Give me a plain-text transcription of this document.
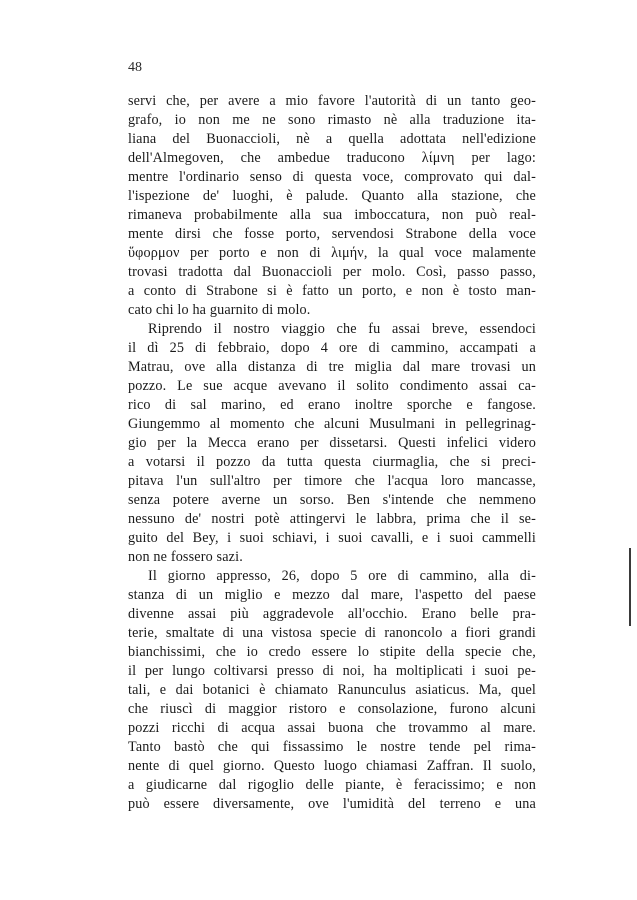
48
servi che, per avere a mio favore l'autorità di un tanto geo-
grafo, io non me ne sono rimasto nè alla traduzione ita-
liana del Buonaccioli, nè a quella adottata nell'edizione
dell'Almegoven, che ambedue traducono λίμνη per lago:
mentre l'ordinario senso di questa voce, comprovato qui dal-
l'ispezione de' luoghi, è palude. Quanto alla stazione, che
rimaneva probabilmente alla sua imboccatura, non può real-
mente dirsi che fosse porto, servendosi Strabone della voce
ὕφορμον per porto e non di λιμήν, la qual voce malamente
trovasi tradotta dal Buonaccioli per molo. Così, passo passo,
a conto di Strabone si è fatto un porto, e non è tosto man-
cato chi lo ha guarnito di molo.
Riprendo il nostro viaggio che fu assai breve, essendoci
il dì 25 di febbraio, dopo 4 ore di cammino, accampati a
Matrau, ove alla distanza di tre miglia dal mare trovasi un
pozzo. Le sue acque avevano il solito condimento assai ca-
rico di sal marino, ed erano inoltre sporche e fangose.
Giungemmo al momento che alcuni Musulmani in pellegrinag-
gio per la Mecca erano per dissetarsi. Questi infelici videro
a votarsi il pozzo da tutta questa ciurmaglia, che si preci-
pitava l'un sull'altro per timore che l'acqua loro mancasse,
senza potere averne un sorso. Ben s'intende che nemmeno
nessuno de' nostri potè attingervi le labbra, prima che il se-
guito del Bey, i suoi schiavi, i suoi cavalli, e i suoi cammelli
non ne fossero sazi.
Il giorno appresso, 26, dopo 5 ore di cammino, alla di-
stanza di un miglio e mezzo dal mare, l'aspetto del paese
divenne assai più aggradevole all'occhio. Erano belle pra-
terie, smaltate di una vistosa specie di ranoncolo a fiori grandi
bianchissimi, che io credo essere lo stipite della specie che,
il per lungo coltivarsi presso di noi, ha moltiplicati i suoi pe-
tali, e dai botanici è chiamato Ranunculus asiaticus. Ma, quel
che riuscì di maggior ristoro e consolazione, furono alcuni
pozzi ricchi di acqua assai buona che trovammo al mare.
Tanto bastò che qui fissassimo le nostre tende pel rima-
nente di quel giorno. Questo luogo chiamasi Zaffran. Il suolo,
a giudicarne dal rigoglio delle piante, è feracissimo; e non
può essere diversamente, ove l'umidità del terreno e una
